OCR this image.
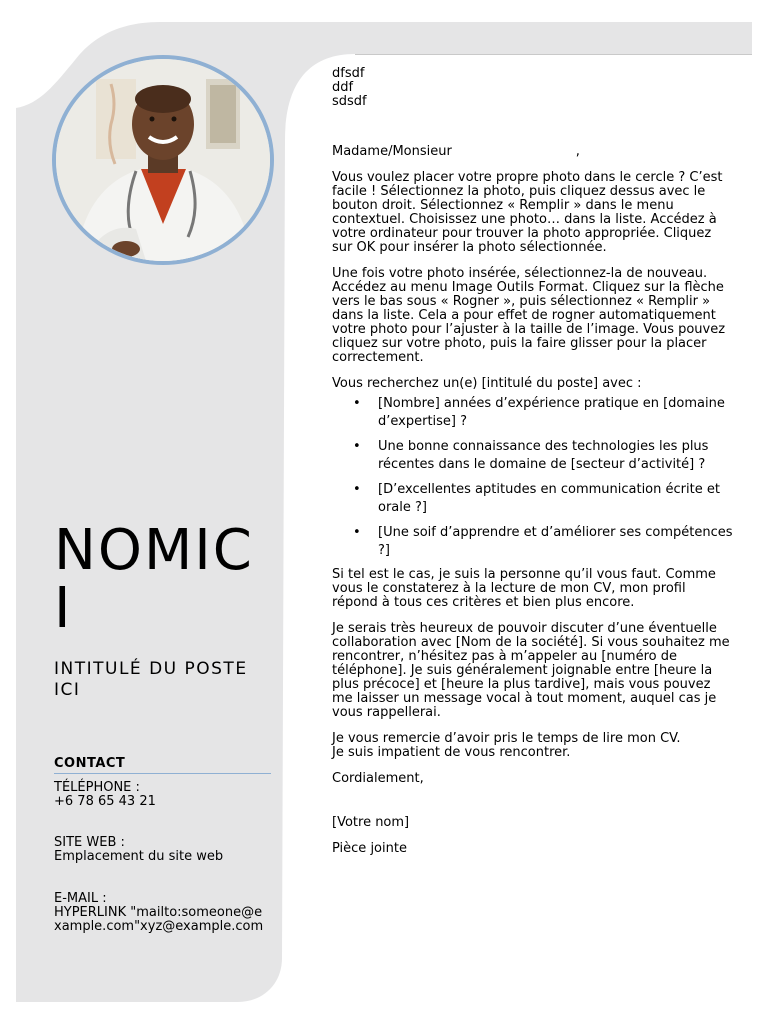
NOMIC I
INTITULÉ DU POSTE ICI
CONTACT
TÉLÉPHONE :
+6 78 65 43 21
SITE WEB :
Emplacement du site web
E-MAIL :
HYPERLINK "mailto:someone@example.com"xyz@example.com
dfsdf
ddf
sdsdf

Madame/Monsieur                              ,

Vous voulez placer votre propre photo dans le cercle ? C’est facile ! Sélectionnez la photo, puis cliquez dessus avec le bouton droit. Sélectionnez « Remplir » dans le menu contextuel. Choisissez une photo… dans la liste. Accédez à votre ordinateur pour trouver la photo appropriée. Cliquez sur OK pour insérer la photo sélectionnée.

Une fois votre photo insérée, sélectionnez-la de nouveau. Accédez au menu Image Outils Format. Cliquez sur la flèche vers le bas sous « Rogner », puis sélectionnez « Remplir » dans la liste. Cela a pour effet de rogner automatiquement votre photo pour l’ajuster à la taille de l’image. Vous pouvez cliquez sur votre photo, puis la faire glisser pour la placer correctement.

Vous recherchez un(e) [intitulé du poste] avec :

• [Nombre] années d’expérience pratique en [domaine d’expertise] ?
• Une bonne connaissance des technologies les plus récentes dans le domaine de [secteur d’activité] ?
• [D’excellentes aptitudes en communication écrite et orale ?]
• [Une soif d’apprendre et d’améliorer ses compétences ?]

Si tel est le cas, je suis la personne qu’il vous faut. Comme vous le constaterez à la lecture de mon CV, mon profil répond à tous ces critères et bien plus encore.

Je serais très heureux de pouvoir discuter d’une éventuelle collaboration avec [Nom de la société]. Si vous souhaitez me rencontrer, n’hésitez pas à m’appeler au [numéro de téléphone]. Je suis généralement joignable entre [heure la plus précoce] et [heure la plus tardive], mais vous pouvez me laisser un message vocal à tout moment, auquel cas je vous rappellerai.

Je vous remercie d’avoir pris le temps de lire mon CV.
Je suis impatient de vous rencontrer.

Cordialement,

[Votre nom]

Pièce jointe
